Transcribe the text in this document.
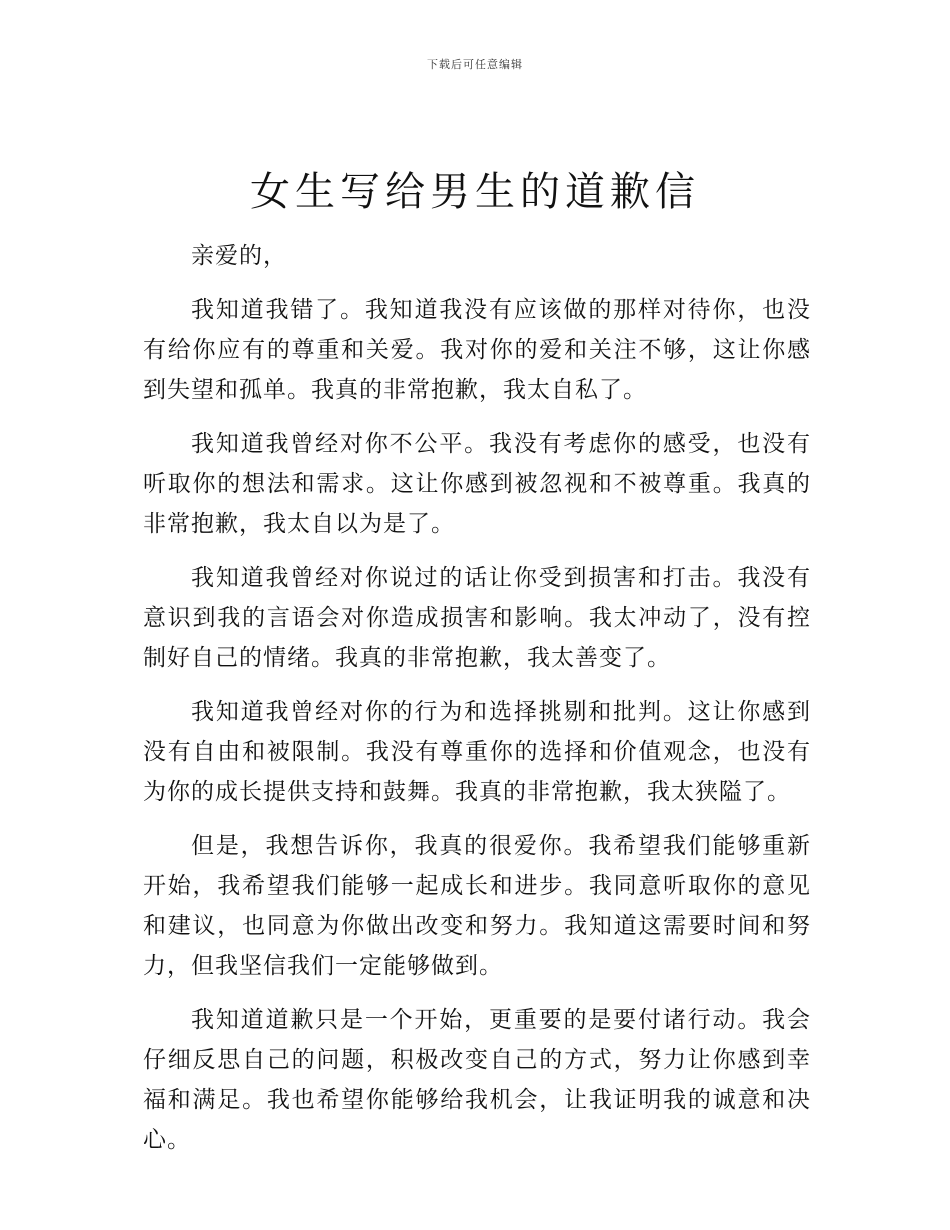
下载后可任意编辑
女生写给男生的道歉信

亲爱的，

我知道我错了。我知道我没有应该做的那样对待你，也没有给你应有的尊重和关爱。我对你的爱和关注不够，这让你感到失望和孤单。我真的非常抱歉，我太自私了。

我知道我曾经对你不公平。我没有考虑你的感受，也没有听取你的想法和需求。这让你感到被忽视和不被尊重。我真的非常抱歉，我太自以为是了。

我知道我曾经对你说过的话让你受到损害和打击。我没有意识到我的言语会对你造成损害和影响。我太冲动了，没有控制好自己的情绪。我真的非常抱歉，我太善变了。

我知道我曾经对你的行为和选择挑剔和批判。这让你感到没有自由和被限制。我没有尊重你的选择和价值观念，也没有为你的成长提供支持和鼓舞。我真的非常抱歉，我太狭隘了。

但是，我想告诉你，我真的很爱你。我希望我们能够重新开始，我希望我们能够一起成长和进步。我同意听取你的意见和建议，也同意为你做出改变和努力。我知道这需要时间和努力，但我坚信我们一定能够做到。

我知道道歉只是一个开始，更重要的是要付诸行动。我会仔细反思自己的问题，积极改变自己的方式，努力让你感到幸福和满足。我也希望你能够给我机会，让我证明我的诚意和决心。
